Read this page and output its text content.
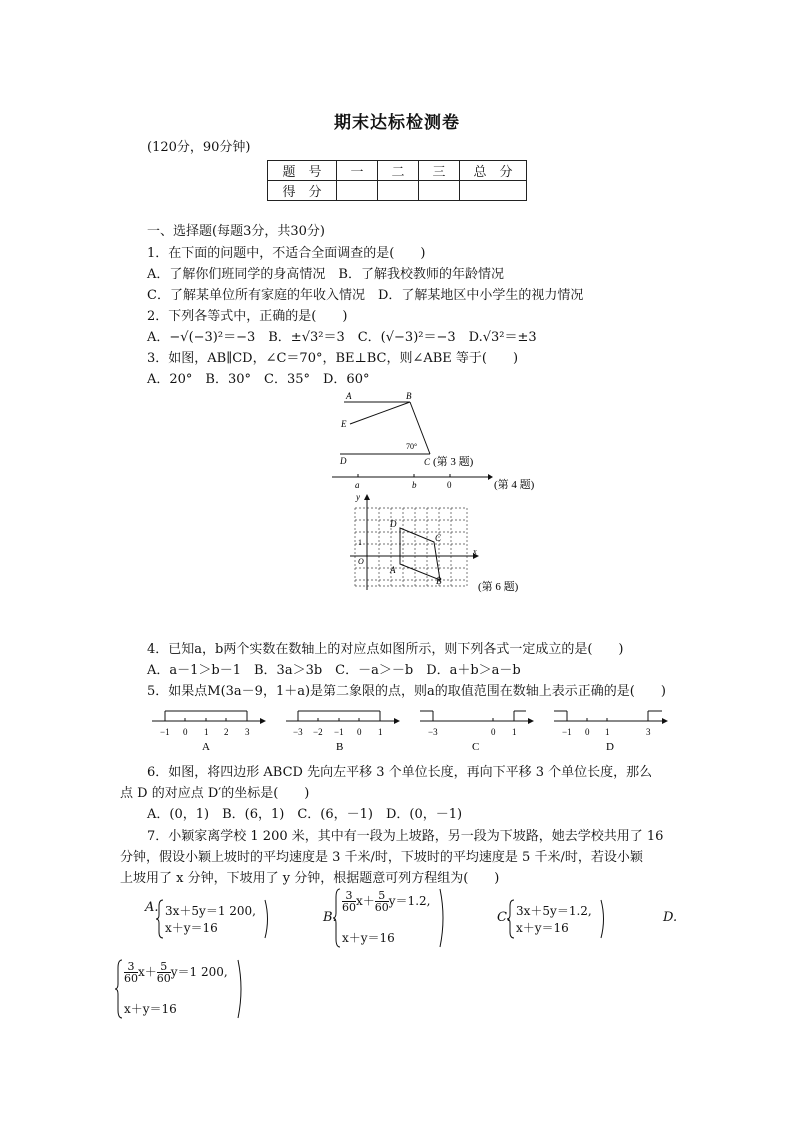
期末达标检测卷
(120分，90分钟)
题　号	一	二	三	总　分
得　分				
一、选择题(每题3分，共30分)
1．在下面的问题中，不适合全面调查的是(　　)
A．了解你们班同学的身高情况　B．了解我校教师的年龄情况
C．了解某单位所有家庭的年收入情况　D．了解某地区中小学生的视力情况
2．下列各等式中，正确的是(　　)
A．−√(−3)²＝−3　B．±√3²＝3　C．(√−3)²＝−3　D.√3²＝±3
3．如图，AB∥CD，∠C＝70°，BE⊥BC，则∠ABE 等于(　　)
A．20°　B．30°　C．35°　D．60°
A	B
E
D	C
70°
(第 3 题)
a	b	0	(第 4 题)
y
x
O
1
D
C
A
B	(第 6 题)
4．已知a，b两个实数在数轴上的对应点如图所示，则下列各式一定成立的是(　　)
A．a－1＞b－1　B．3a＞3b　C．－a＞－b　D．a＋b＞a－b
5．如果点M(3a－9，1＋a)是第二象限的点，则a的取值范围在数轴上表示正确的是(　　)
−1 0 1 2 3
A
−3 −2 −1 0 1
B
−3	0 1
C
−1 0 1	3
D
6．如图，将四边形 ABCD 先向左平移 3 个单位长度，再向下平移 3 个单位长度，那么
点 D 的对应点 D′的坐标是(　　)
A．(0，1)　B．(6，1)　C．(6，－1)　D．(0，－1)
7．小颖家离学校 1 200 米，其中有一段为上坡路，另一段为下坡路，她去学校共用了 16
分钟，假设小颖上坡时的平均速度是 3 千米/时，下坡时的平均速度是 5 千米/时，若设小颖
上坡用了 x 分钟，下坡用了 y 分钟，根据题意可列方程组为(　　)
A. 3x＋5y＝1 200,
x＋y＝16
B.
$\frac{3}{60} x+ \frac{5}{60} y=1.2$,
x＋y＝16
C. 3x＋5y＝1.2,
x＋y＝16
D.
$\frac{3}{60} x+ \frac{5}{60} y=1$ 200,
x＋y＝16
